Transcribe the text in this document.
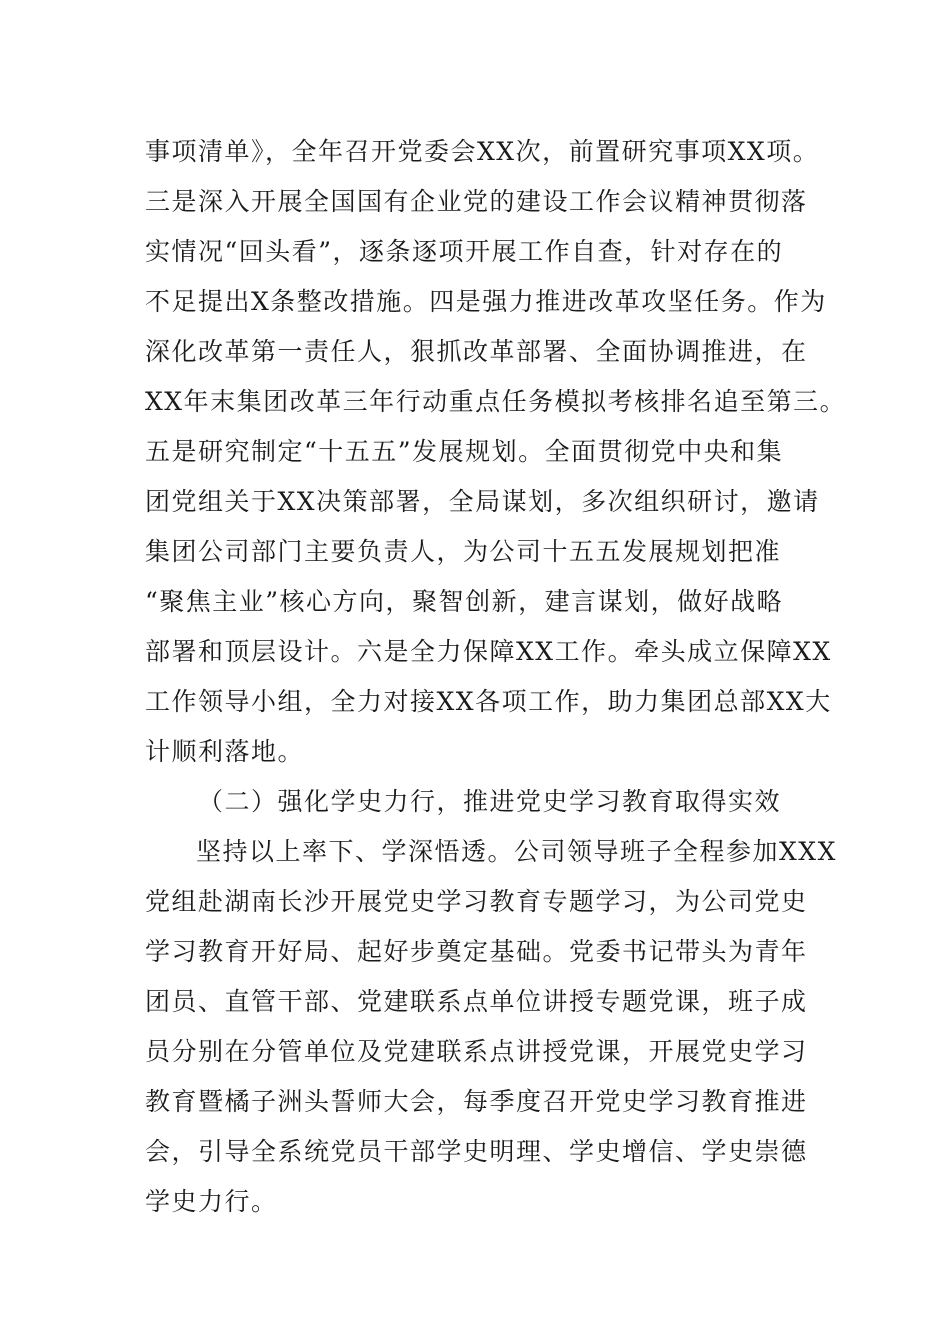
事项清单》，全年召开党委会XX次，前置研究事项XX项。
三是深入开展全国国有企业党的建设工作会议精神贯彻落
实情况“回头看”，逐条逐项开展工作自查，针对存在的
不足提出X条整改措施。四是强力推进改革攻坚任务。作为
深化改革第一责任人，狠抓改革部署、全面协调推进，在
XX年末集团改革三年行动重点任务模拟考核排名追至第三。
五是研究制定“十五五”发展规划。全面贯彻党中央和集
团党组关于XX决策部署，全局谋划，多次组织研讨，邀请
集团公司部门主要负责人，为公司十五五发展规划把准
“聚焦主业”核心方向，聚智创新，建言谋划，做好战略
部署和顶层设计。六是全力保障XX工作。牵头成立保障XX
工作领导小组，全力对接XX各项工作，助力集团总部XX大
计顺利落地。
（二）强化学史力行，推进党史学习教育取得实效
坚持以上率下、学深悟透。公司领导班子全程参加XXX
党组赴湖南长沙开展党史学习教育专题学习，为公司党史
学习教育开好局、起好步奠定基础。党委书记带头为青年
团员、直管干部、党建联系点单位讲授专题党课，班子成
员分别在分管单位及党建联系点讲授党课，开展党史学习
教育暨橘子洲头誓师大会，每季度召开党史学习教育推进
会，引导全系统党员干部学史明理、学史增信、学史崇德
学史力行。
